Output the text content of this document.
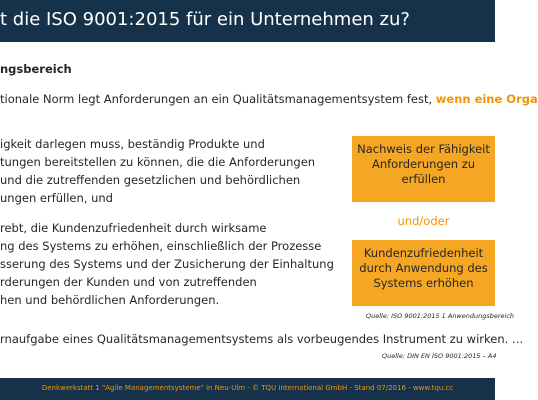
t die ISO 9001:2015 für ein Unternehmen zu?
ngsbereich
tionale Norm legt Anforderungen an ein Qualitätsmanagementsystem fest, wenn eine Orga
igkeit darlegen muss, beständig Produkte und
tungen bereitstellen zu können, die die Anforderungen
und die zutreffenden gesetzlichen und behördlichen
ungen erfüllen, und
rebt, die Kundenzufriedenheit durch wirksame
ng des Systems zu erhöhen, einschließlich der Prozesse
sserung des Systems und der Zusicherung der Einhaltung
rderungen der Kunden und von zutreffenden
hen und behördlichen Anforderungen.
Nachweis der Fähigkeit
Anforderungen zu
erfüllen
und/oder
Kundenzufriedenheit
durch Anwendung des
Systems erhöhen
Quelle: ISO 9001:2015 1 Anwendungsbereich
rnaufgabe eines Qualitätsmanagementsystems als vorbeugendes Instrument zu wirken. …
Quelle: DIN EN ISO 9001:2015 – A4
Denkwerkstatt 1 "Agile Managementsysteme" in Neu-Ulm - © TQU International GmbH - Stand 07/2016 - www.tqu.cc
